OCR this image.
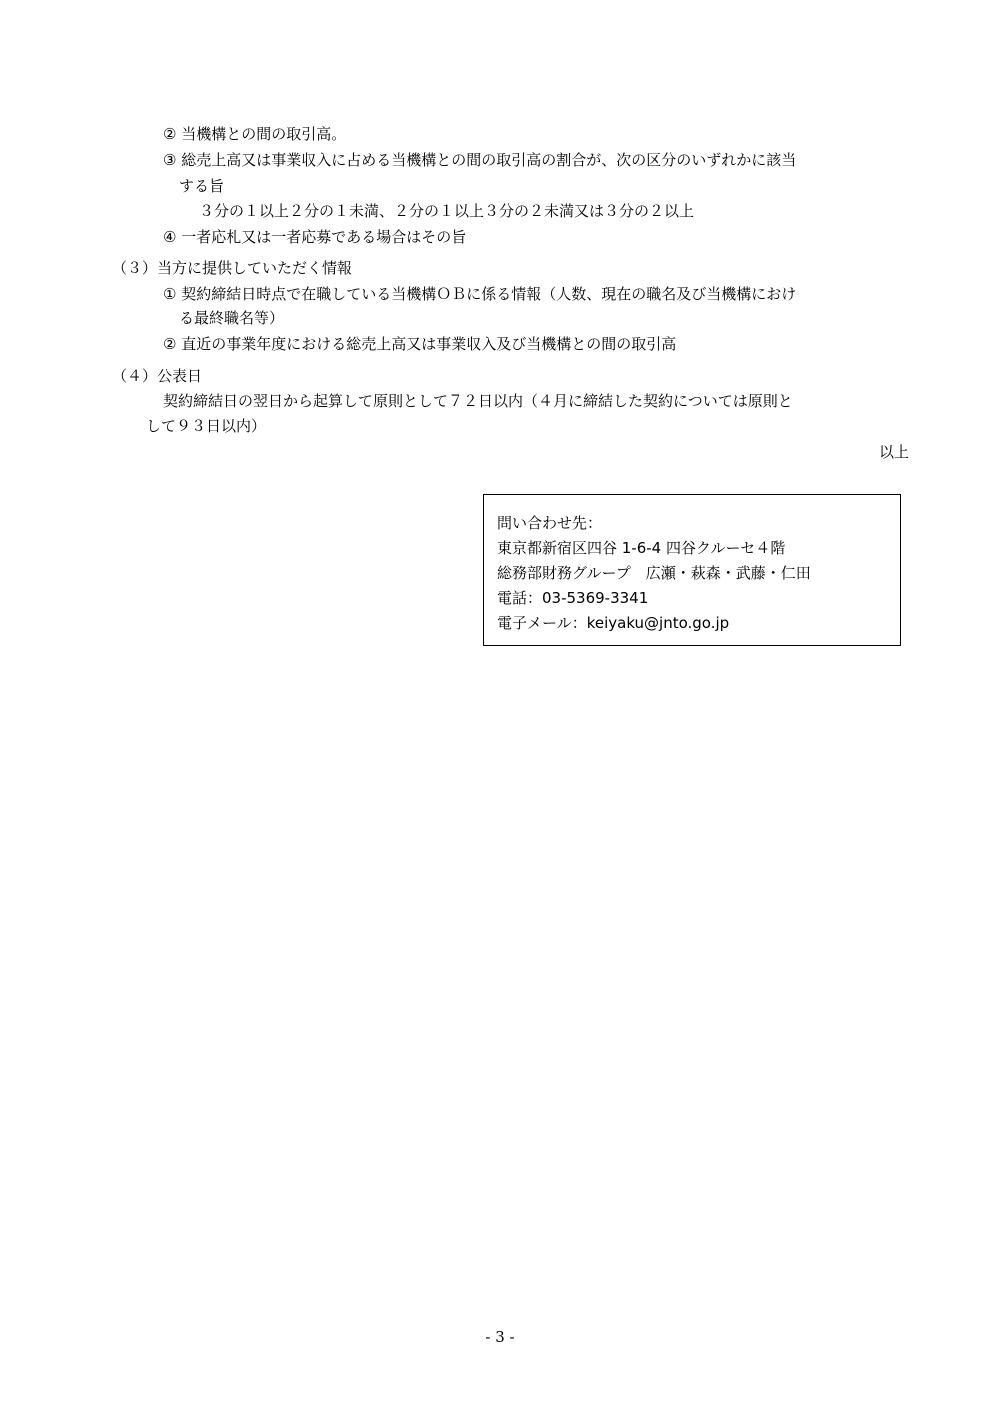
② 当機構との間の取引高。

③ 総売上高又は事業収入に占める当機構との間の取引高の割合が、次の区分のいずれかに該当

する旨

３分の１以上２分の１未満、２分の１以上３分の２未満又は３分の２以上

④ 一者応札又は一者応募である場合はその旨

（３）当方に提供していただく情報

① 契約締結日時点で在職している当機構ＯＢに係る情報（人数、現在の職名及び当機構におけ

る最終職名等）

② 直近の事業年度における総売上高又は事業収入及び当機構との間の取引高

（４）公表日

契約締結日の翌日から起算して原則として７２日以内（４月に締結した契約については原則と

して９３日以内）

以上

問い合わせ先：
東京都新宿区四谷 1-6-4 四谷クルーセ４階
総務部財務グループ　広瀬・萩森・武藤・仁田
電話：03-5369-3341
電子メール：keiyaku@jnto.go.jp
- 3 -
